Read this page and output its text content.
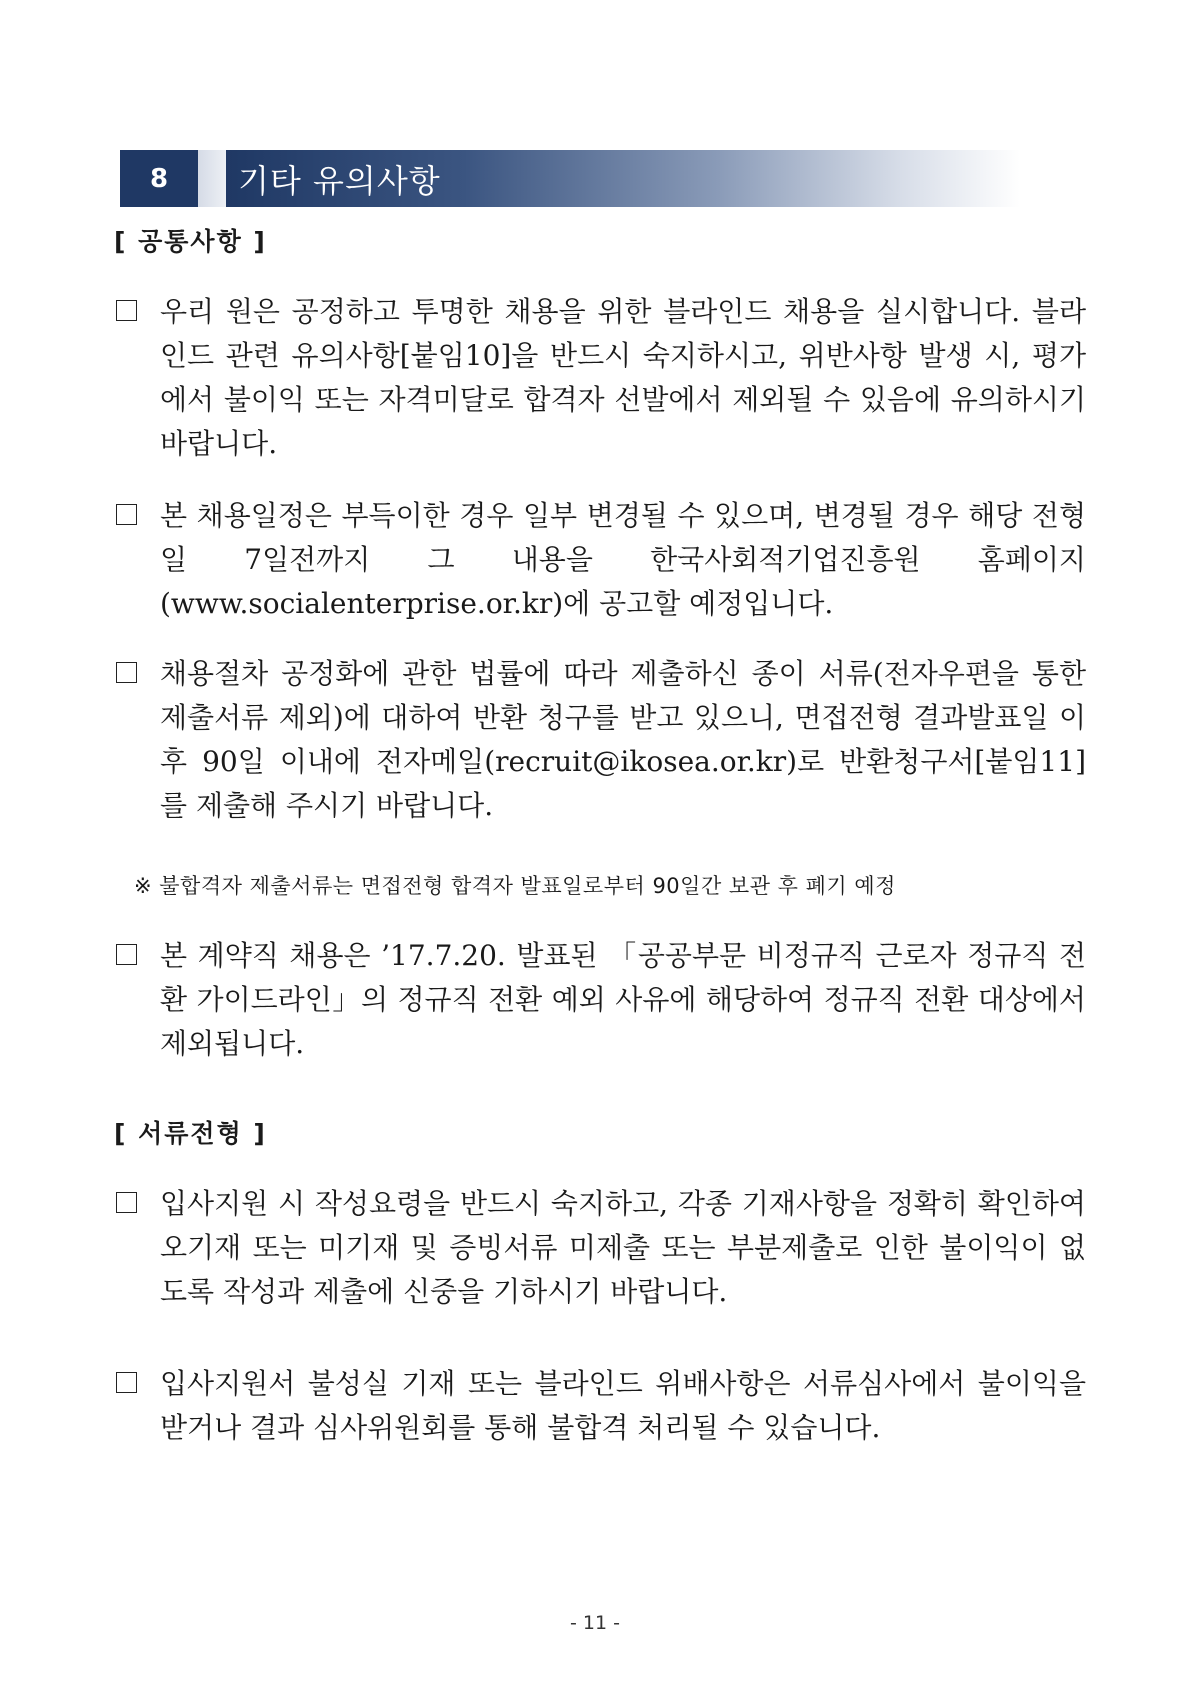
8	기타 유의사항
[ 공통사항 ]
우리 원은 공정하고 투명한 채용을 위한 블라인드 채용을 실시합니다. 블라인드 관련 유의사항[붙임10]을 반드시 숙지하시고, 위반사항 발생 시, 평가에서 불이익 또는 자격미달로 합격자 선발에서 제외될 수 있음에 유의하시기 바랍니다.
본 채용일정은 부득이한 경우 일부 변경될 수 있으며, 변경될 경우 해당 전형일 7일전까지 그 내용을 한국사회적기업진흥원 홈페이지(www.socialenterprise.or.kr)에 공고할 예정입니다.
채용절차 공정화에 관한 법률에 따라 제출하신 종이 서류(전자우편을 통한 제출서류 제외)에 대하여 반환 청구를 받고 있으니, 면접전형 결과발표일 이후 90일 이내에 전자메일(recruit@ikosea.or.kr)로 반환청구서[붙임11]를 제출해 주시기 바랍니다.
※ 불합격자 제출서류는 면접전형 합격자 발표일로부터 90일간 보관 후 폐기 예정
본 계약직 채용은 ’17.7.20. 발표된 「공공부문 비정규직 근로자 정규직 전환 가이드라인」의 정규직 전환 예외 사유에 해당하여 정규직 전환 대상에서 제외됩니다.
[ 서류전형 ]
입사지원 시 작성요령을 반드시 숙지하고, 각종 기재사항을 정확히 확인하여 오기재 또는 미기재 및 증빙서류 미제출 또는 부분제출로 인한 불이익이 없도록 작성과 제출에 신중을 기하시기 바랍니다.
입사지원서 불성실 기재 또는 블라인드 위배사항은 서류심사에서 불이익을 받거나 결과 심사위원회를 통해 불합격 처리될 수 있습니다.
- 11 -
